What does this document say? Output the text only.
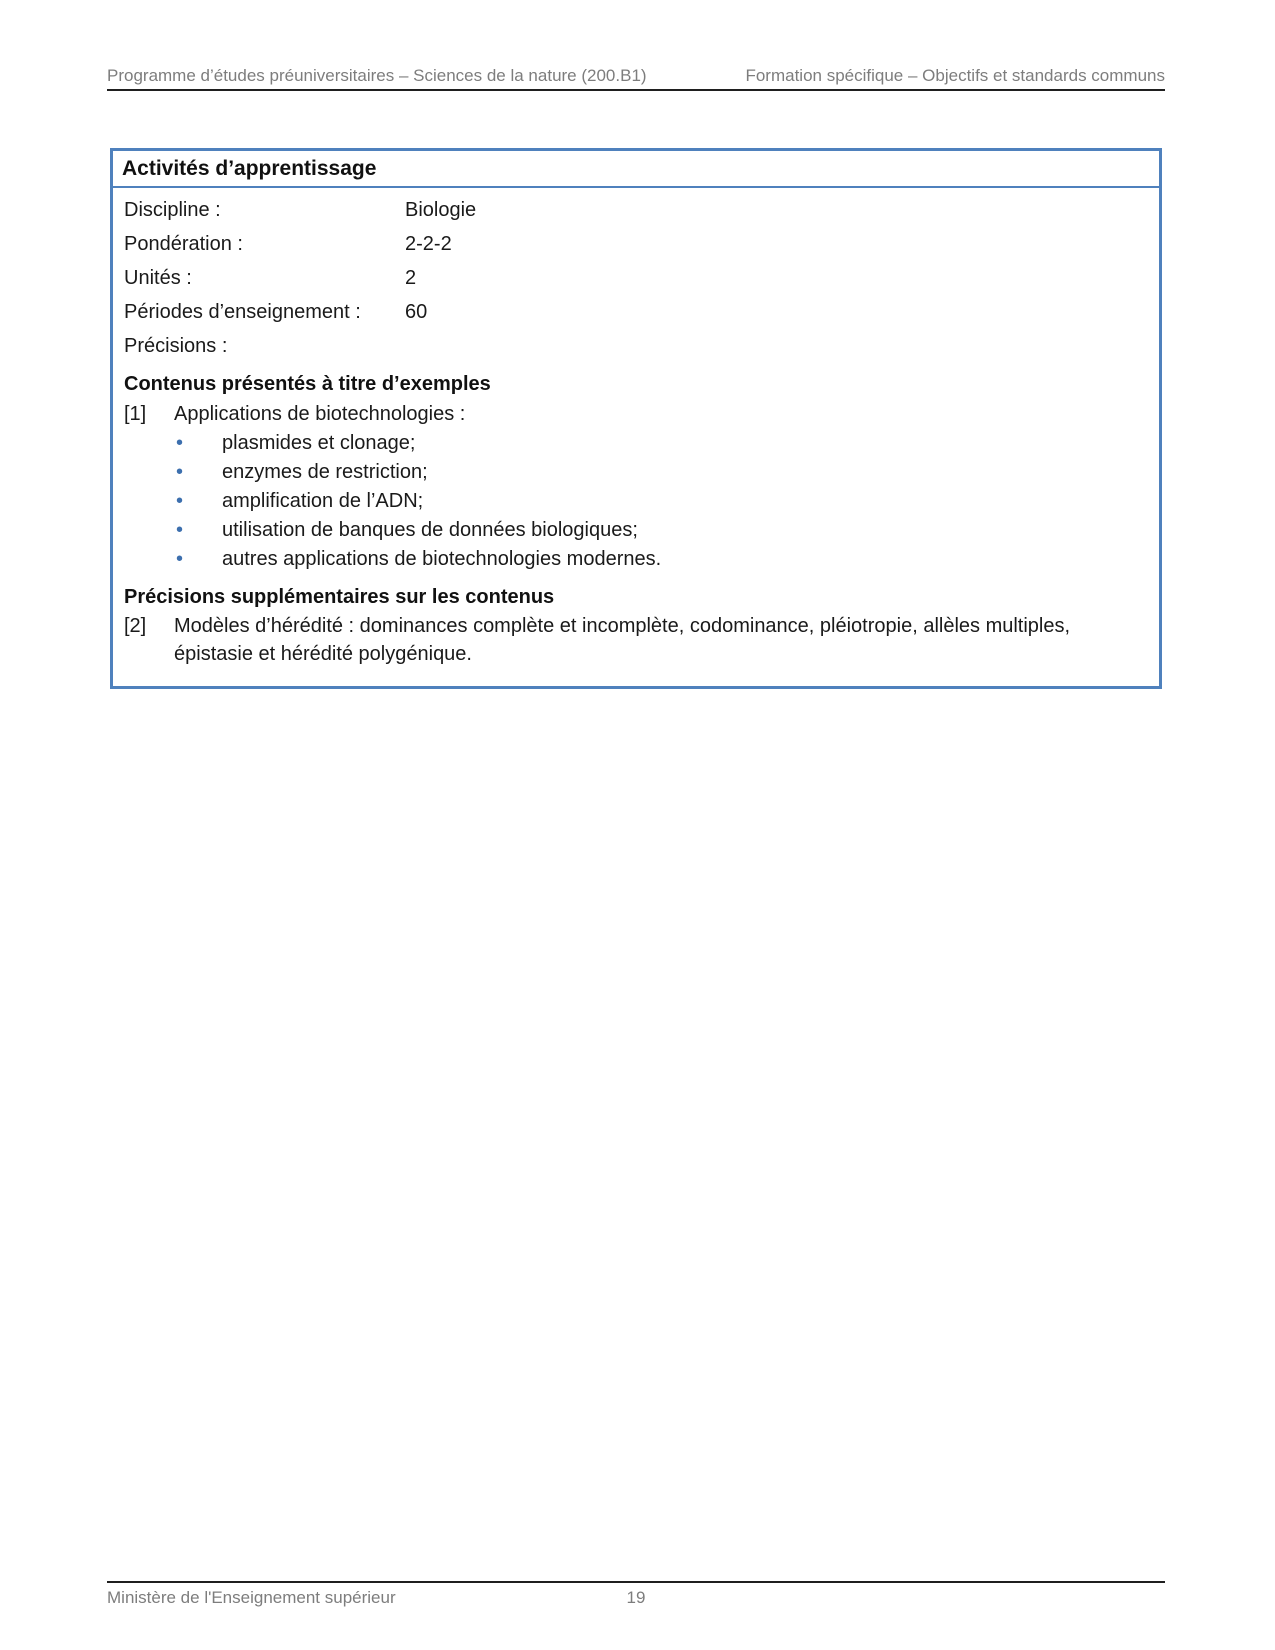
Programme d’études préuniversitaires – Sciences de la nature (200.B1)	Formation spécifique – Objectifs et standards communs
Activités d’apprentissage
Discipline :	Biologie
Pondération :	2-2-2
Unités :	2
Périodes d’enseignement :	60
Précisions :
Contenus présentés à titre d’exemples
[1]	Applications de biotechnologies :
•	plasmides et clonage;
•	enzymes de restriction;
•	amplification de l’ADN;
•	utilisation de banques de données biologiques;
•	autres applications de biotechnologies modernes.
Précisions supplémentaires sur les contenus
[2]	Modèles d’hérédité : dominances complète et incomplète, codominance, pléiotropie, allèles multiples, épistasie et hérédité polygénique.
Ministère de l'Enseignement supérieur	19
